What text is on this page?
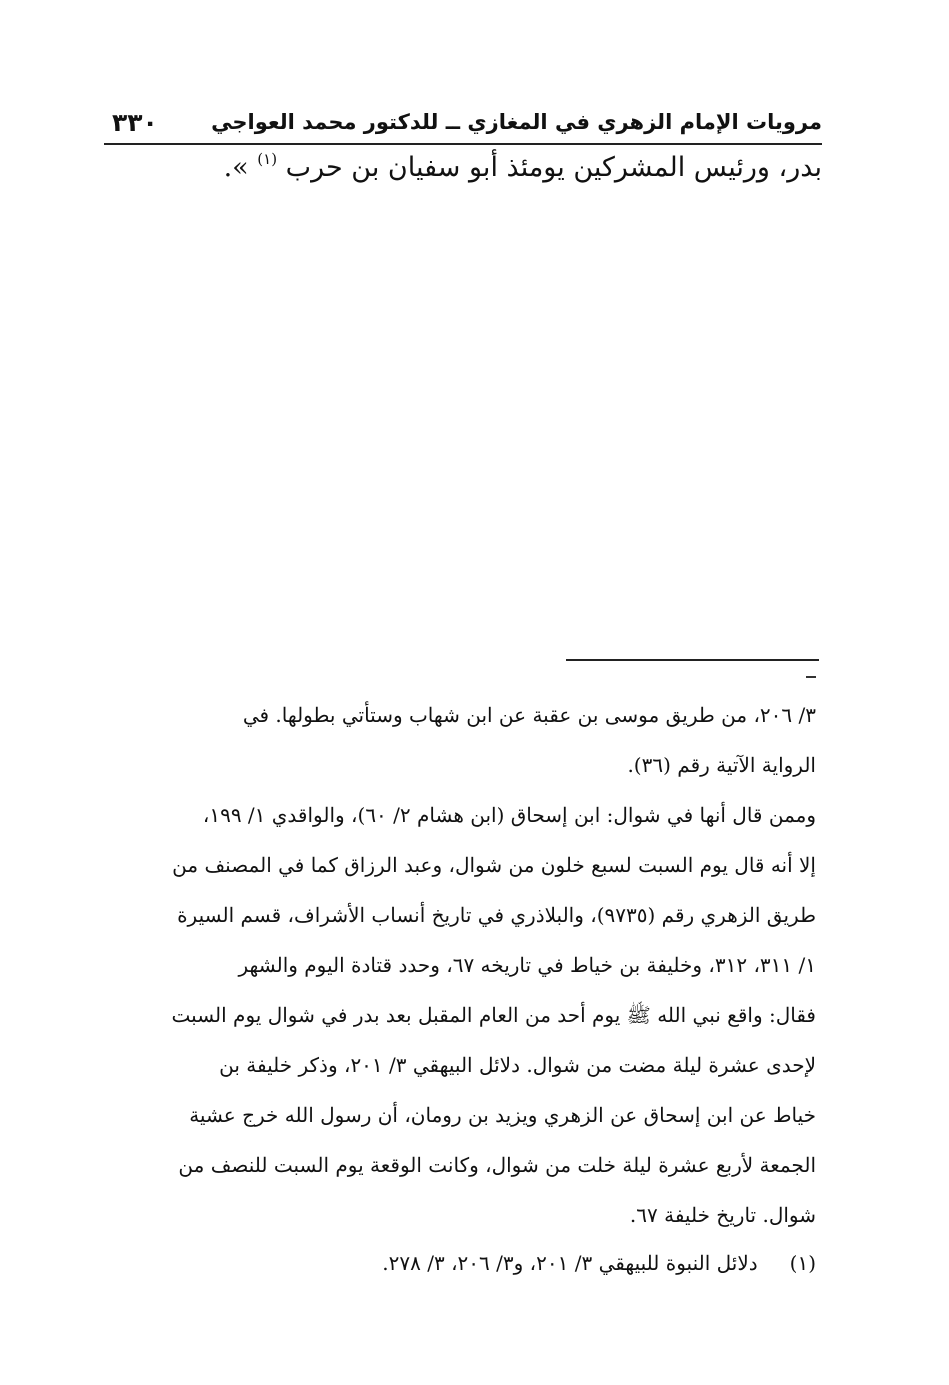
مرويات الإمام الزهري في المغازي ــ للدكتور محمد العواجي
٣٣٠
بدر، ورئيس المشركين يومئذ أبو سفيان بن حرب $^{(١)}$ ».

٣/ ٢٠٦، من طريق موسى بن عقبة عن ابن شهاب وستأتي بطولها. في
الرواية الآتية رقم (٣٦).

وممن قال أنها في شوال: ابن إسحاق (ابن هشام ٢/ ٦٠)، والواقدي ١/ ١٩٩،
إلا أنه قال يوم السبت لسبع خلون من شوال، وعبد الرزاق كما في المصنف من
طريق الزهري رقم (٩٧٣٥)، والبلاذري في تاريخ أنساب الأشراف، قسم السيرة
١/ ٣١١، ٣١٢، وخليفة بن خياط في تاريخه ٦٧، وحدد قتادة اليوم والشهر
فقال: واقع نبي الله ﷺ يوم أحد من العام المقبل بعد بدر في شوال يوم السبت
لإحدى عشرة ليلة مضت من شوال. دلائل البيهقي ٣/ ٢٠١، وذكر خليفة بن
خياط عن ابن إسحاق عن الزهري ويزيد بن رومان، أن رسول الله خرج عشية
الجمعة لأربع عشرة ليلة خلت من شوال، وكانت الوقعة يوم السبت للنصف من
شوال. تاريخ خليفة ٦٧.

(١) دلائل النبوة للبيهقي ٣/ ٢٠١، و٣/ ٢٠٦، ٣/ ٢٧٨.
